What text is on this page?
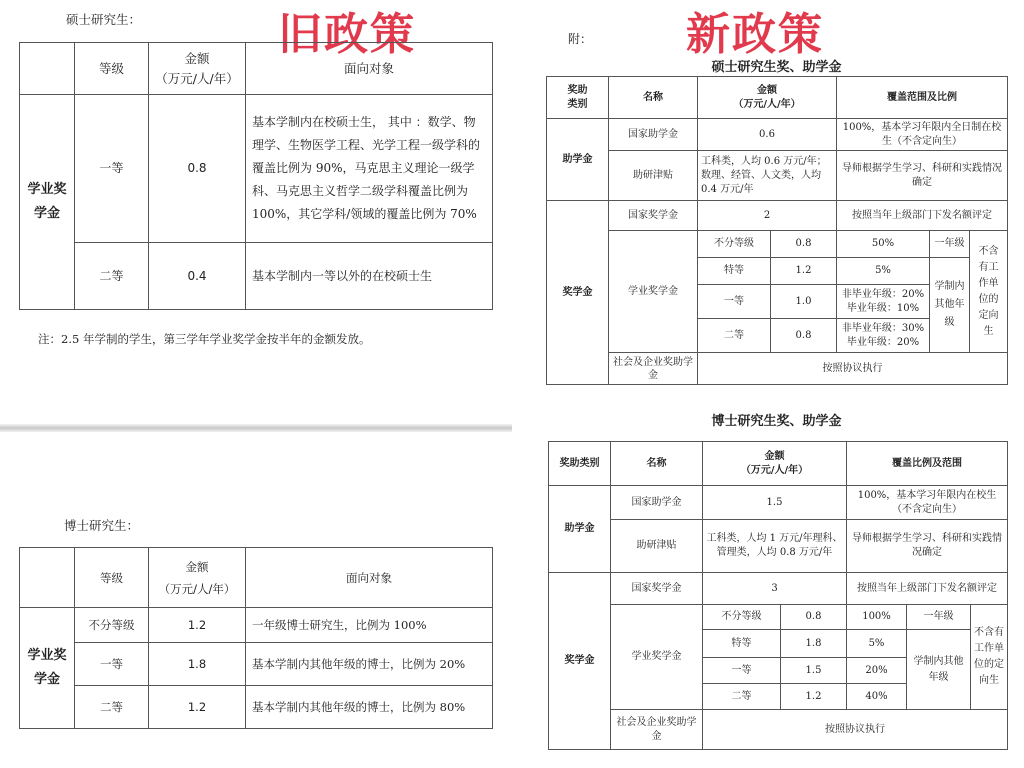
硕士研究生：	旧政策
	等级	金额
（万元/人/年）	面向对象
学业奖学金	一等	0.8	基本学制内在校硕士生， 其中 ：数学、物理学、生物医学工程、光学工程一级学科的覆盖比例为 90%，马克思主义理论一级学科、马克思主义哲学二级学科覆盖比例为 100%，其它学科/领域的覆盖比例为 70%
	二等	0.4	基本学制内一等以外的在校硕士生
注：2.5 年学制的学生，第三学年学业奖学金按半年的金额发放。
博士研究生：
	等级	金额
（万元/人/年）	面向对象
学业奖学金	不分等级	1.2	一年级博士研究生，比例为 100%
	一等	1.8	基本学制内其他年级的博士，比例为 20%
	二等	1.2	基本学制内其他年级的博士，比例为 80%
新政策
附：
硕士研究生奖、助学金
奖助
类别	名称	金额
（万元/人/年）		覆盖范围及比例		
助学金	国家助学金	0.6		100%，基本学习年限内全日制在校生（不含定向生）		
	助研津贴	工科类，人均 0.6 万元/年；数理、经管、人文类，人均 0.4 万元/年		导师根据学生学习、科研和实践情况确定		
奖学金	国家奖学金	2		按照当年上级部门下发名额评定		
	学业奖学金	不分等级	0.8	50%	一年级	不含有工作单位的定向生
		特等	1.2	5%	学制内其他年级	
		一等	1.0	非毕业年级：20%
毕业年级：10%		
		二等	0.8	非毕业年级：30%
毕业年级：20%		
	社会及企业奖助学金	按照协议执行				
博士研究生奖、助学金
奖助类别	名称	金额
（万元/人/年）		覆盖比例及范围		
助学金	国家助学金	1.5		100%，基本学习年限内在校生（不含定向生）		
	助研津贴	工科类，人均 1 万元/年理科、管理类，人均 0.8 万元/年		导师根据学生学习、科研和实践情况确定		
奖学金	国家奖学金	3		按照当年上级部门下发名额评定		
	学业奖学金	不分等级	0.8	100%	一年级	不含有工作单位的定向生
		特等	1.8	5%	学制内其他年级	
		一等	1.5	20%		
		二等	1.2	40%		
	社会及企业奖助学金	按照协议执行				
